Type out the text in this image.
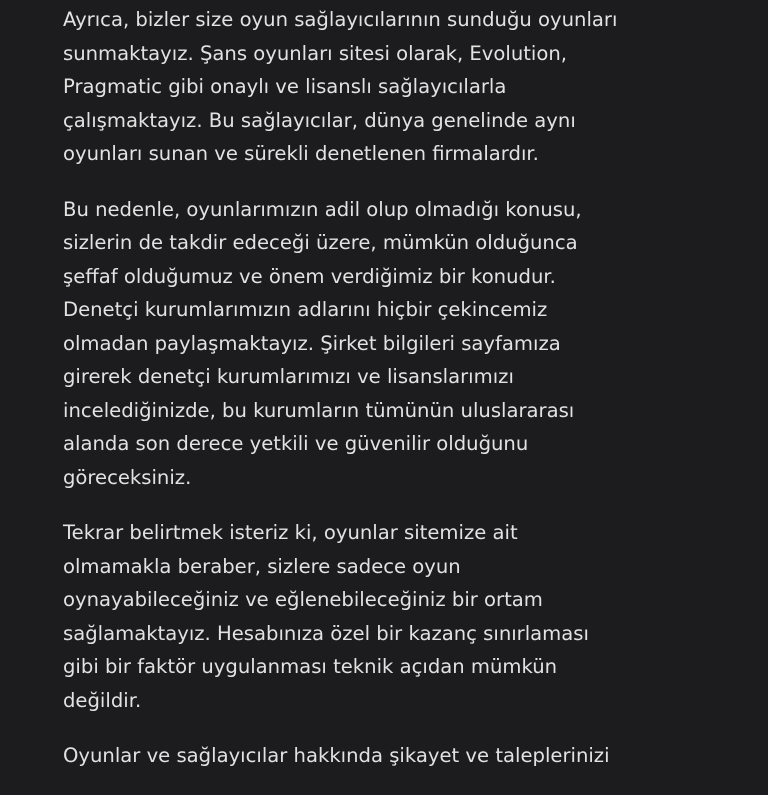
Ayrıca, bizler size oyun sağlayıcılarının sunduğu oyunları
sunmaktayız. Şans oyunları sitesi olarak, Evolution,
Pragmatic gibi onaylı ve lisanslı sağlayıcılarla
çalışmaktayız. Bu sağlayıcılar, dünya genelinde aynı
oyunları sunan ve sürekli denetlenen firmalardır.

Bu nedenle, oyunlarımızın adil olup olmadığı konusu,
sizlerin de takdir edeceği üzere, mümkün olduğunca
şeffaf olduğumuz ve önem verdiğimiz bir konudur.
Denetçi kurumlarımızın adlarını hiçbir çekincemiz
olmadan paylaşmaktayız. Şirket bilgileri sayfamıza
girerek denetçi kurumlarımızı ve lisanslarımızı
incelediğinizde, bu kurumların tümünün uluslararası
alanda son derece yetkili ve güvenilir olduğunu
göreceksiniz.

Tekrar belirtmek isteriz ki, oyunlar sitemize ait
olmamakla beraber, sizlere sadece oyun
oynayabileceğiniz ve eğlenebileceğiniz bir ortam
sağlamaktayız. Hesabınıza özel bir kazanç sınırlaması
gibi bir faktör uygulanması teknik açıdan mümkün
değildir.

Oyunlar ve sağlayıcılar hakkında şikayet ve taleplerinizi
